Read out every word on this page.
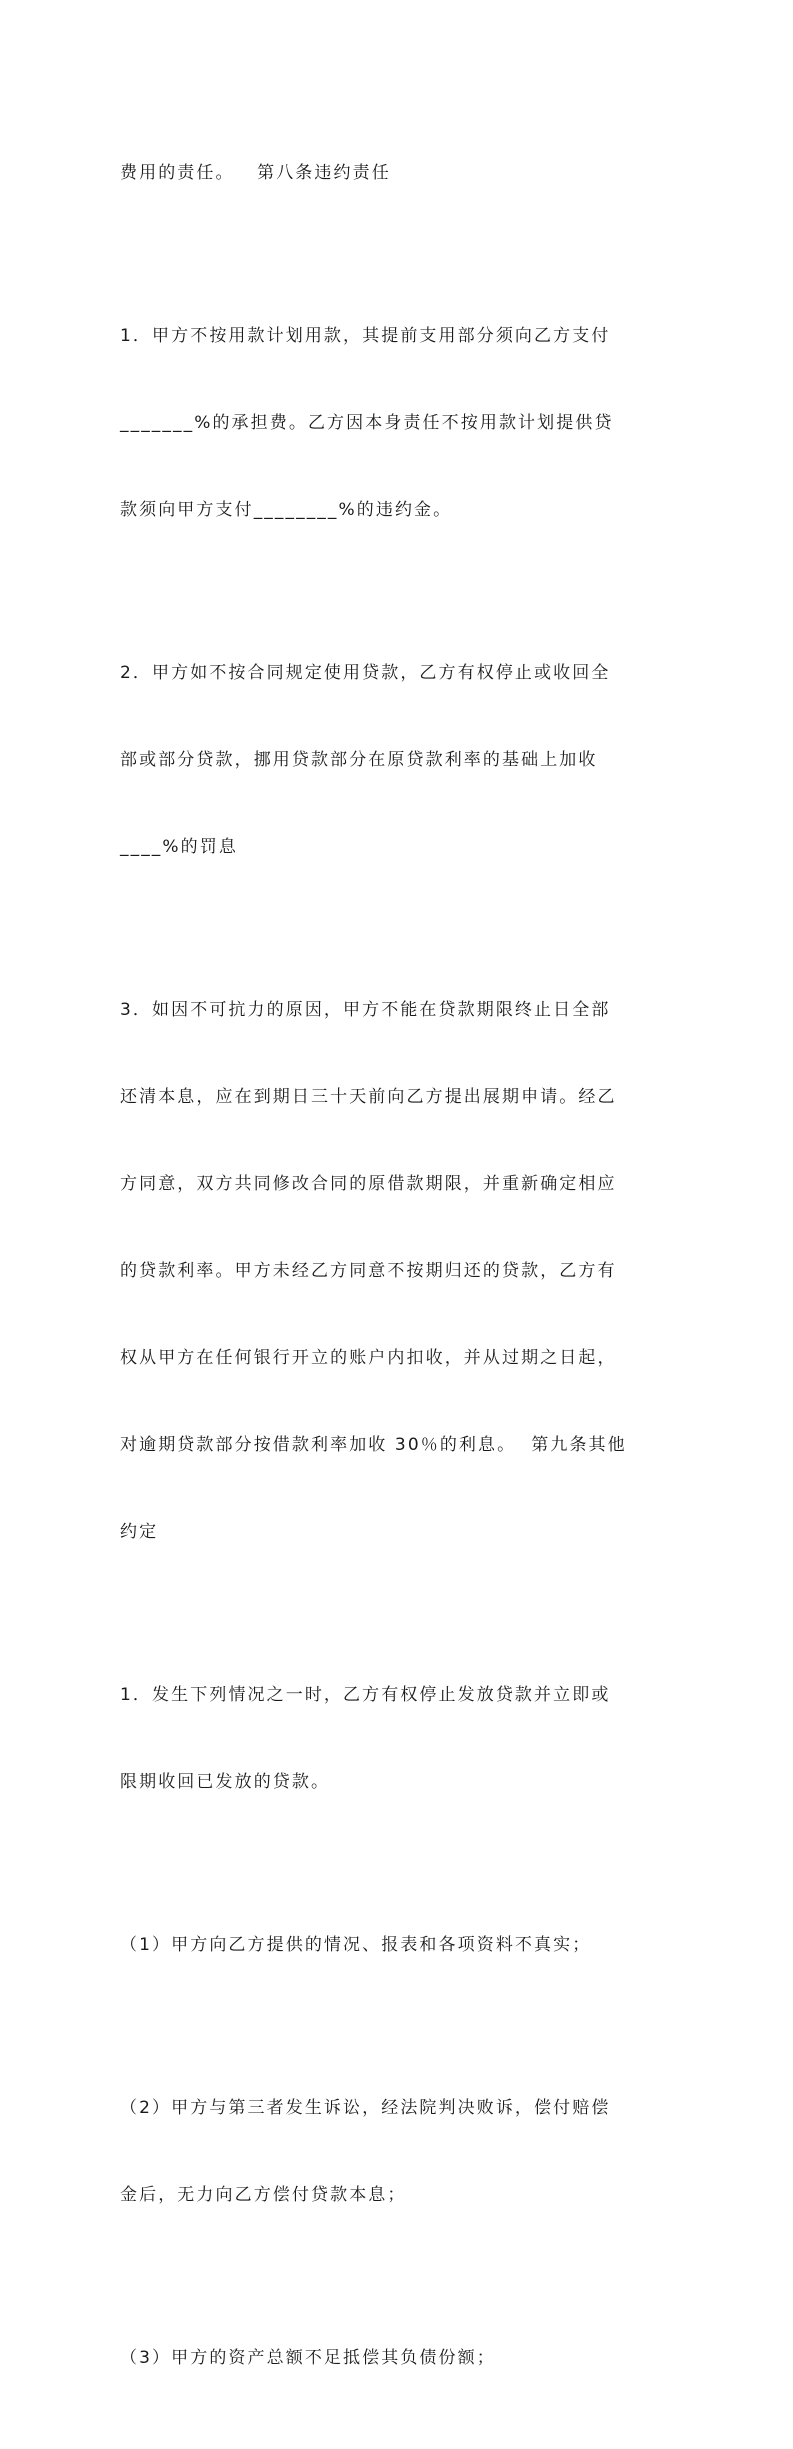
费用的责任。   第八条违约责任

1．甲方不按用款计划用款，其提前支用部分须向乙方支付

_______%的承担费。乙方因本身责任不按用款计划提供贷

款须向甲方支付________%的违约金。

2．甲方如不按合同规定使用贷款，乙方有权停止或收回全

部或部分贷款，挪用贷款部分在原贷款利率的基础上加收

____%的罚息

3．如因不可抗力的原因，甲方不能在贷款期限终止日全部

还清本息，应在到期日三十天前向乙方提出展期申请。经乙

方同意，双方共同修改合同的原借款期限，并重新确定相应

的贷款利率。甲方未经乙方同意不按期归还的贷款，乙方有

权从甲方在任何银行开立的账户内扣收，并从过期之日起，

对逾期贷款部分按借款利率加收 30％的利息。  第九条其他

约定

1．发生下列情况之一时，乙方有权停止发放贷款并立即或

限期收回已发放的贷款。

（1）甲方向乙方提供的情况、报表和各项资料不真实；

（2）甲方与第三者发生诉讼，经法院判决败诉，偿付赔偿

金后，无力向乙方偿付贷款本息；

（3）甲方的资产总额不足抵偿其负债份额；
